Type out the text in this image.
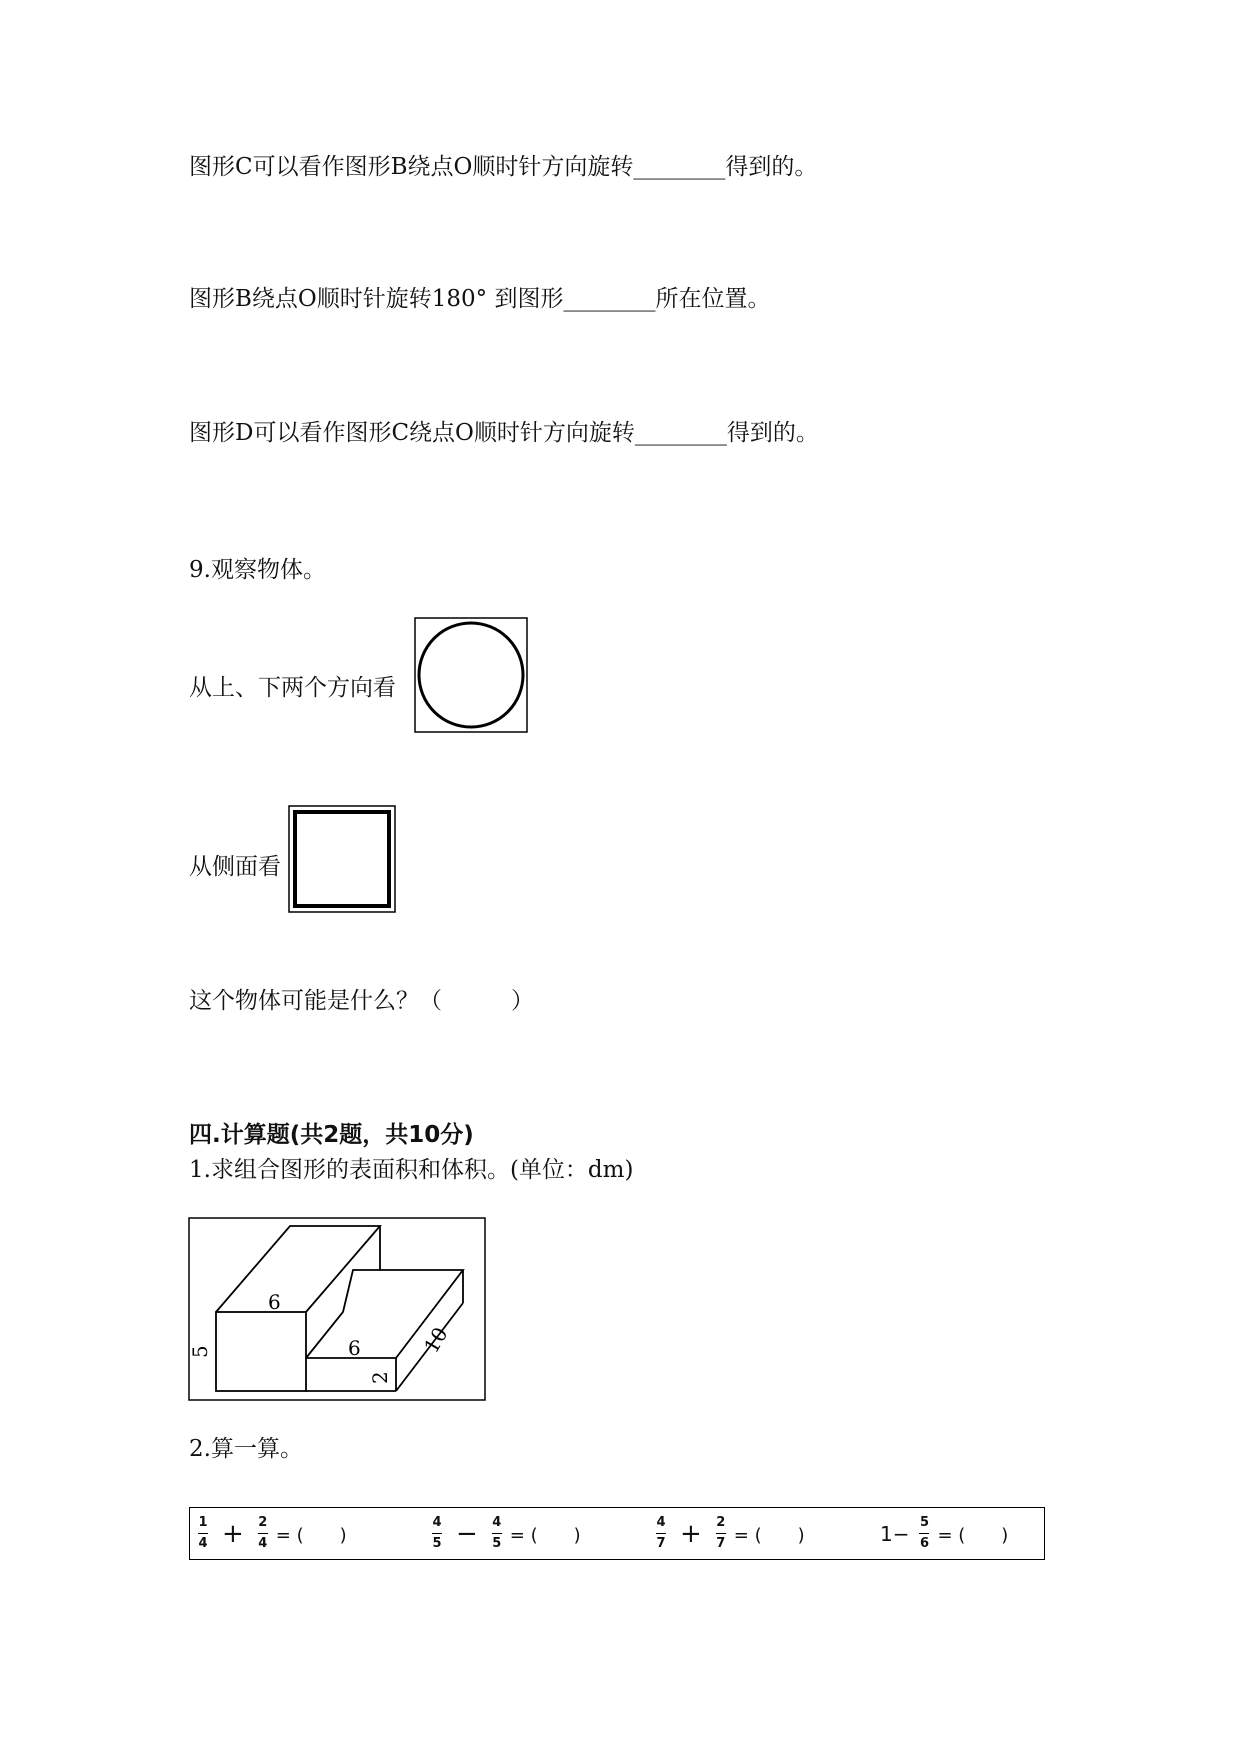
图形C可以看作图形B绕点O顺时针方向旋转________得到的。
图形B绕点O顺时针旋转180° 到图形________所在位置。
图形D可以看作图形C绕点O顺时针方向旋转________得到的。
9.观察物体。
从上、下两个方向看
从侧面看
这个物体可能是什么？（　　　）
四.计算题(共2题，共10分)
1.求组合图形的表面积和体积。(单位：dm)
6
5	6
2
10
2.算一算。
$\frac{1}{4} + \frac{2}{4}$ = (　　)	$\frac{4}{5} - \frac{4}{5}$ = (　　)	$\frac{4}{7} + \frac{2}{7}$ = (　　)	$1- \frac{5}{6}$ = (　　)
